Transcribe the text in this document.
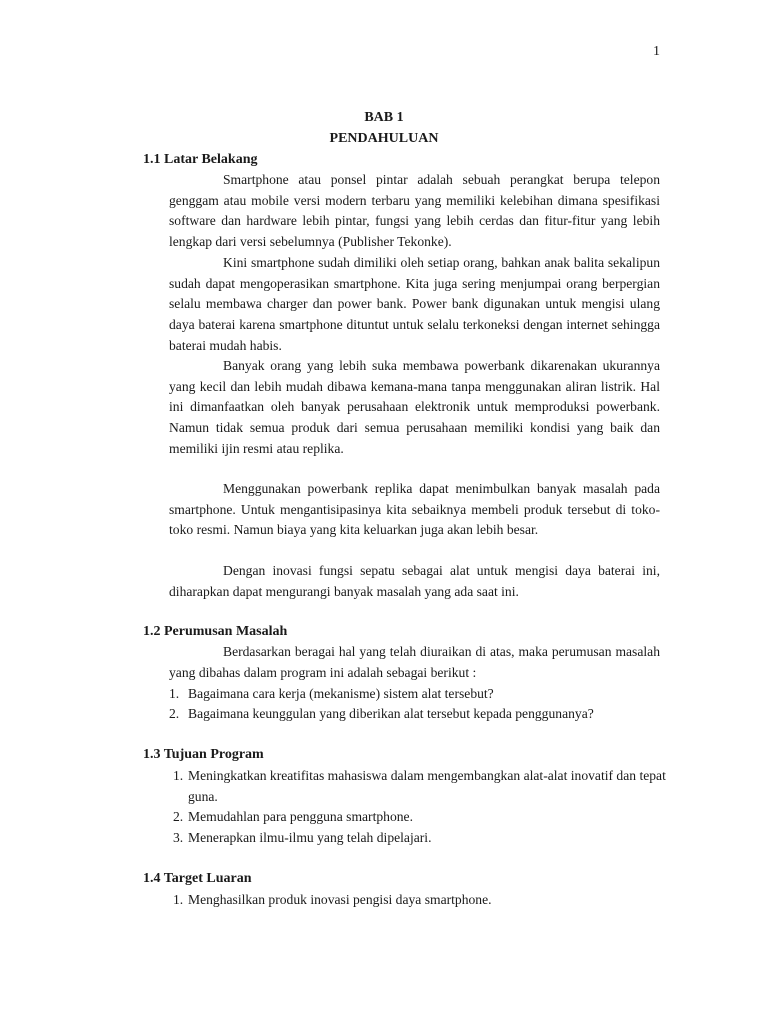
1
BAB 1
PENDAHULUAN
1.1 Latar Belakang
Smartphone atau ponsel pintar adalah sebuah perangkat berupa telepon genggam atau mobile versi modern terbaru yang memiliki kelebihan dimana spesifikasi software dan hardware lebih pintar, fungsi yang lebih cerdas dan fitur-fitur yang lebih lengkap dari versi sebelumnya (Publisher Tekonke).
Kini smartphone sudah dimiliki oleh setiap orang, bahkan anak balita sekalipun sudah dapat mengoperasikan smartphone. Kita juga sering menjumpai orang berpergian selalu membawa charger dan power bank. Power bank digunakan untuk mengisi ulang daya baterai karena smartphone dituntut untuk selalu terkoneksi dengan internet sehingga baterai mudah habis.
Banyak orang yang lebih suka membawa powerbank dikarenakan ukurannya yang kecil dan lebih mudah dibawa kemana-mana tanpa menggunakan aliran listrik. Hal ini dimanfaatkan oleh banyak perusahaan elektronik untuk memproduksi powerbank. Namun tidak semua produk dari semua perusahaan memiliki kondisi yang baik dan memiliki ijin resmi atau replika.
Menggunakan powerbank replika dapat menimbulkan banyak masalah pada smartphone. Untuk mengantisipasinya kita sebaiknya membeli produk tersebut di toko-toko resmi. Namun biaya yang kita keluarkan juga akan lebih besar.
Dengan inovasi fungsi sepatu sebagai alat untuk mengisi daya baterai ini, diharapkan dapat mengurangi banyak masalah yang ada saat ini.
1.2 Perumusan Masalah
Berdasarkan beragai hal yang telah diuraikan di atas, maka perumusan masalah yang dibahas dalam program ini adalah sebagai berikut :
1. Bagaimana cara kerja (mekanisme) sistem alat tersebut?
2. Bagaimana keunggulan yang diberikan alat tersebut kepada penggunanya?
1.3 Tujuan Program
1. Meningkatkan kreatifitas mahasiswa dalam mengembangkan alat-alat inovatif dan tepat guna.
2. Memudahlan para pengguna smartphone.
3. Menerapkan ilmu-ilmu yang telah dipelajari.
1.4 Target Luaran
1. Menghasilkan produk inovasi pengisi daya smartphone.
